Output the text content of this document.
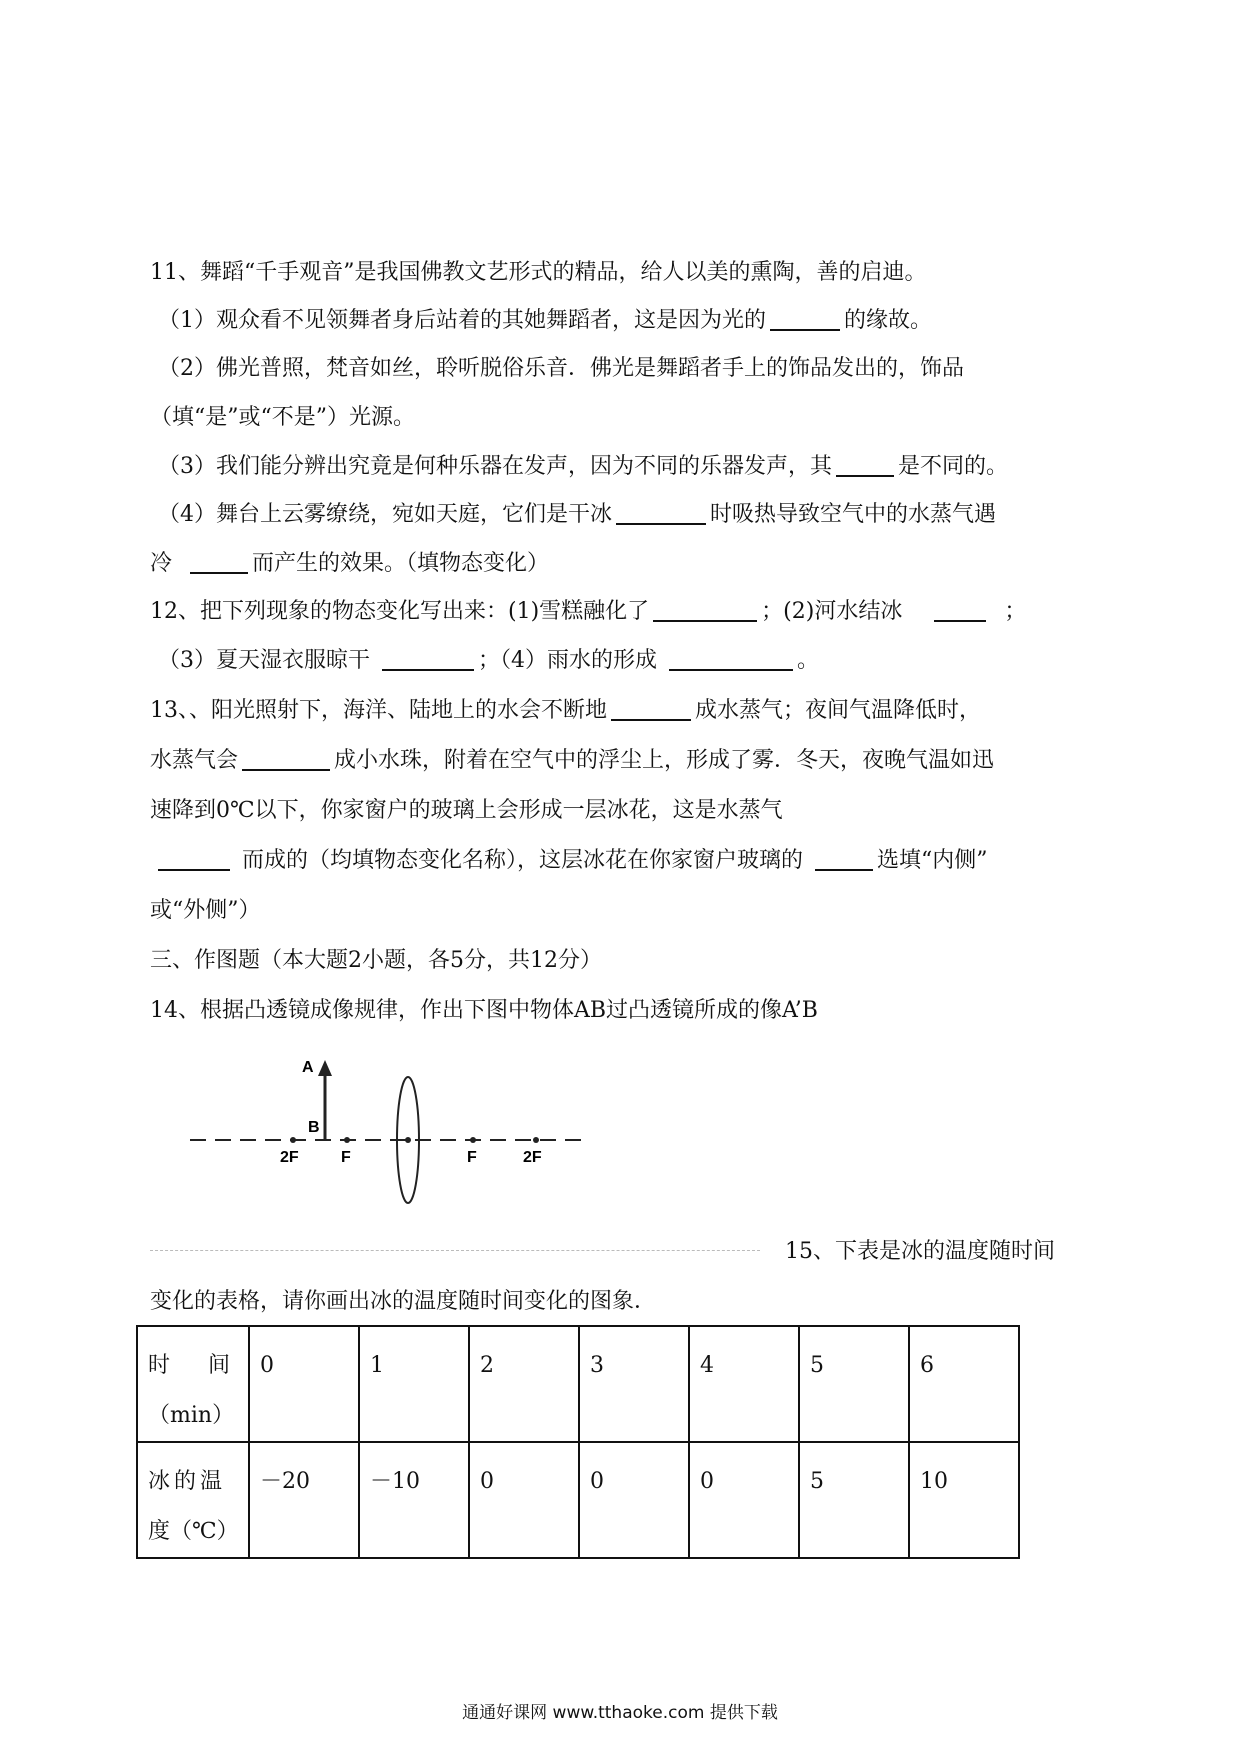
11、舞蹈“千手观音”是我国佛教文艺形式的精品，给人以美的熏陶，善的启迪。
（1）观众看不见领舞者身后站着的其她舞蹈者，这是因为光的	的缘故。
（2）佛光普照，梵音如丝，聆听脱俗乐音．佛光是舞蹈者手上的饰品发出的，饰品
（填“是”或“不是”）光源。
（3）我们能分辨出究竟是何种乐器在发声，因为不同的乐器发声，其	是不同的。
（4）舞台上云雾缭绕，宛如天庭，它们是干冰	时吸热导致空气中的水蒸气遇
冷	而产生的效果。（填物态变化）
12、把下列现象的物态变化写出来：(1)雪糕融化了	；(2)河水结冰	；
（3）夏天湿衣服晾干	；（4）雨水的形成	。
13、、阳光照射下，海洋、陆地上的水会不断地	成水蒸气；夜间气温降低时，
水蒸气会	成小水珠，附着在空气中的浮尘上，形成了雾．冬天，夜晚气温如迅
速降到0℃以下，你家窗户的玻璃上会形成一层冰花，这是水蒸气
而成的（均填物态变化名称），这层冰花在你家窗户玻璃的	选填“内侧”
或“外侧”）
三、作图题（本大题2小题，各5分，共12分）
14、根据凸透镜成像规律，作出下图中物体AB过凸透镜所成的像A’B
A
B
2F	F	F	2F
15、下表是冰的温度随时间
变化的表格，请你画出冰的温度随时间变化的图象．
时　间
（min）	0	1	2	3	4	5	6

冰的温
度（℃）	－20	－10	0	0	0	5	10
通通好课网 www.tthaoke.com 提供下载
